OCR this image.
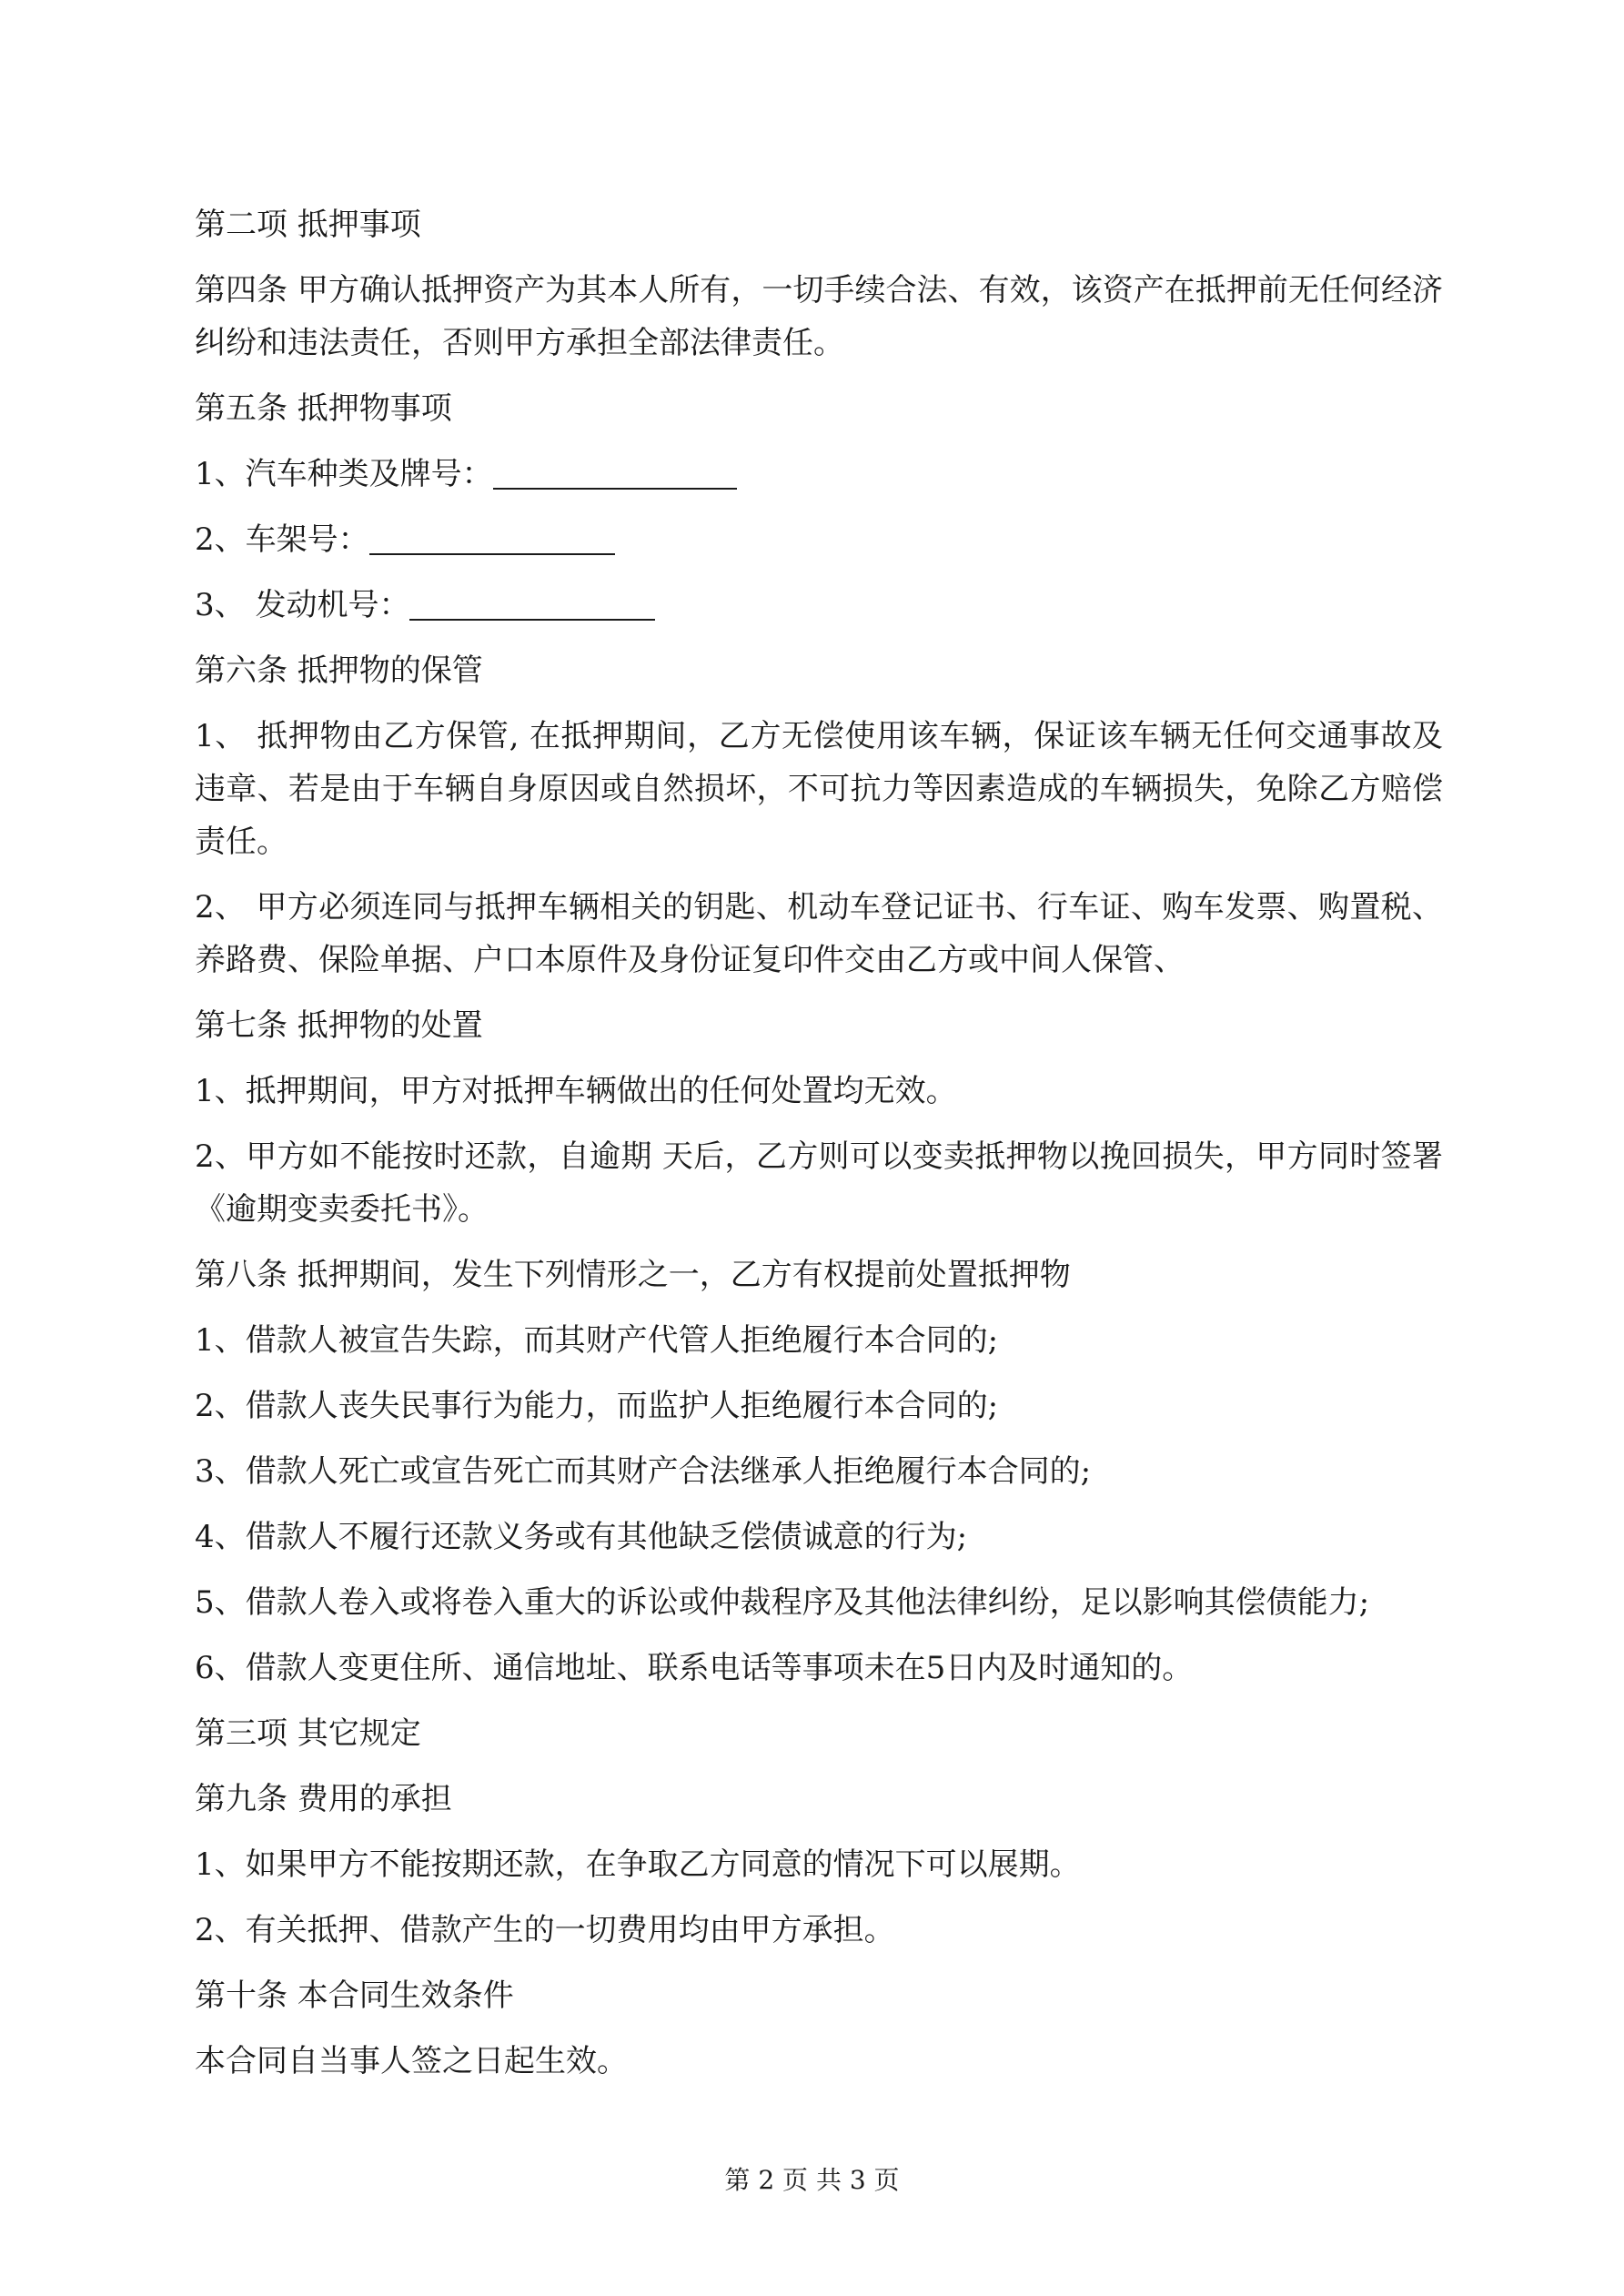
第二项 抵押事项

第四条 甲方确认抵押资产为其本人所有，一切手续合法、有效，该资产在抵押前无任何经济纠纷和违法责任，否则甲方承担全部法律责任。

第五条 抵押物事项

1、汽车种类及牌号：

2、车架号：

3、 发动机号：

第六条 抵押物的保管

1、 抵押物由乙方保管, 在抵押期间，乙方无偿使用该车辆，保证该车辆无任何交通事故及违章、若是由于车辆自身原因或自然损坏，不可抗力等因素造成的车辆损失，免除乙方赔偿责任。

2、 甲方必须连同与抵押车辆相关的钥匙、机动车登记证书、行车证、购车发票、购置税、养路费、保险单据、户口本原件及身份证复印件交由乙方或中间人保管、

第七条 抵押物的处置

1、抵押期间，甲方对抵押车辆做出的任何处置均无效。

2、甲方如不能按时还款，自逾期 天后，乙方则可以变卖抵押物以挽回损失，甲方同时签署《逾期变卖委托书》。

第八条 抵押期间，发生下列情形之一，乙方有权提前处置抵押物

1、借款人被宣告失踪，而其财产代管人拒绝履行本合同的;

2、借款人丧失民事行为能力，而监护人拒绝履行本合同的;

3、借款人死亡或宣告死亡而其财产合法继承人拒绝履行本合同的;

4、借款人不履行还款义务或有其他缺乏偿债诚意的行为;

5、借款人卷入或将卷入重大的诉讼或仲裁程序及其他法律纠纷，足以影响其偿债能力;

6、借款人变更住所、通信地址、联系电话等事项未在5日内及时通知的。

第三项 其它规定

第九条 费用的承担

1、如果甲方不能按期还款，在争取乙方同意的情况下可以展期。

2、有关抵押、借款产生的一切费用均由甲方承担。

第十条 本合同生效条件

本合同自当事人签之日起生效。

第 2 页 共 3 页
